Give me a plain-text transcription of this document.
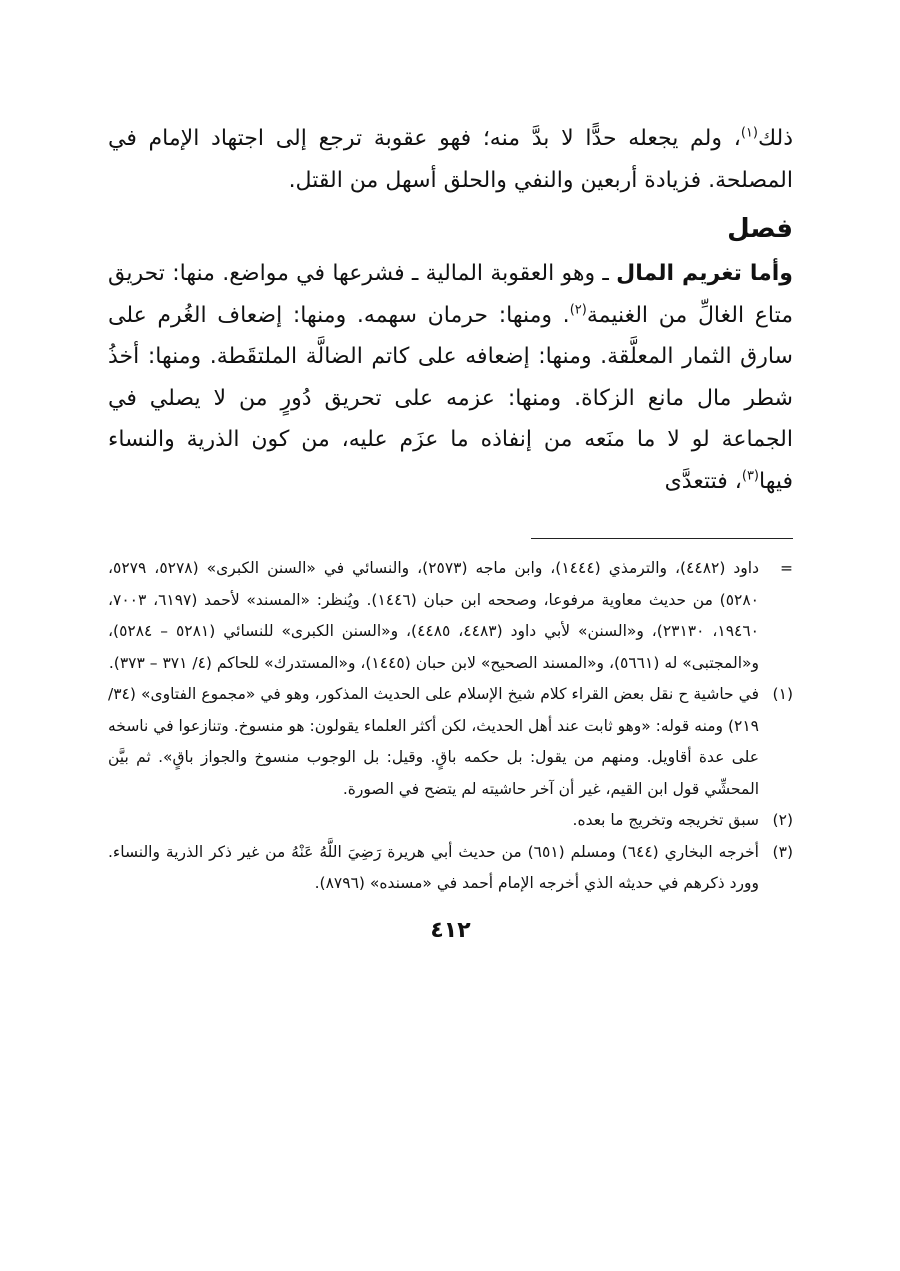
ذلك$^{(١)}$، ولم يجعله حدًّا لا بدَّ منه؛ فهو عقوبة ترجع إلى اجتهاد الإمام في المصلحة. فزيادة أربعين والنفي والحلق أسهل من القتل.

فصل

وأما تغريم المال ـ وهو العقوبة المالية ـ فشرعها في مواضع. منها: تحريق متاع الغالِّ من الغنيمة$^{(٢)}$. ومنها: حرمان سهمه. ومنها: إضعاف الغُرم على سارق الثمار المعلَّقة. ومنها: إضعافه على كاتم الضالَّة الملتقَطة. ومنها: أخذُ شطر مال مانع الزكاة. ومنها: عزمه على تحريق دُورٍ من لا يصلي في الجماعة لو لا ما منَعه من إنفاذه ما عزَم عليه، من كون الذرية والنساء فيها$^{(٣)}$، فتتعدَّى

=
داود (٤٤٨٢)، والترمذي (١٤٤٤)، وابن ماجه (٢٥٧٣)، والنسائي في «السنن الكبرى» (٥٢٧٨، ٥٢٧٩، ٥٢٨٠) من حديث معاوية مرفوعا، وصححه ابن حبان (١٤٤٦). ويُنظر: «المسند» لأحمد (٦١٩٧، ٧٠٠٣، ١٩٤٦٠، ٢٣١٣٠)، و«السنن» لأبي داود (٤٤٨٣، ٤٤٨٥)، و«السنن الكبرى» للنسائي (٥٢٨١ – ٥٢٨٤)، و«المجتبى» له (٥٦٦١)، و«المسند الصحيح» لابن حبان (١٤٤٥)، و«المستدرك» للحاكم (٤/ ٣٧١ – ٣٧٣).
(١)
في حاشية ح نقل بعض القراء كلام شيخ الإسلام على الحديث المذكور، وهو في «مجموع الفتاوى» (٣٤/ ٢١٩) ومنه قوله: «وهو ثابت عند أهل الحديث، لكن أكثر العلماء يقولون: هو منسوخ. وتنازعوا في ناسخه على عدة أقاويل. ومنهم من يقول: بل حكمه باقٍ. وقيل: بل الوجوب منسوخ والجواز باقٍ». ثم بيَّن المحشِّي قول ابن القيم، غير أن آخر حاشيته لم يتضح في الصورة.
(٢)
سبق تخريجه وتخريج ما بعده.
(٣)
أخرجه البخاري (٦٤٤) ومسلم (٦٥١) من حديث أبي هريرة رَضِيَ اللَّهُ عَنْهُ من غير ذكر الذرية والنساء. وورد ذكرهم في حديثه الذي أخرجه الإمام أحمد في «مسنده» (٨٧٩٦).
٤١٢
